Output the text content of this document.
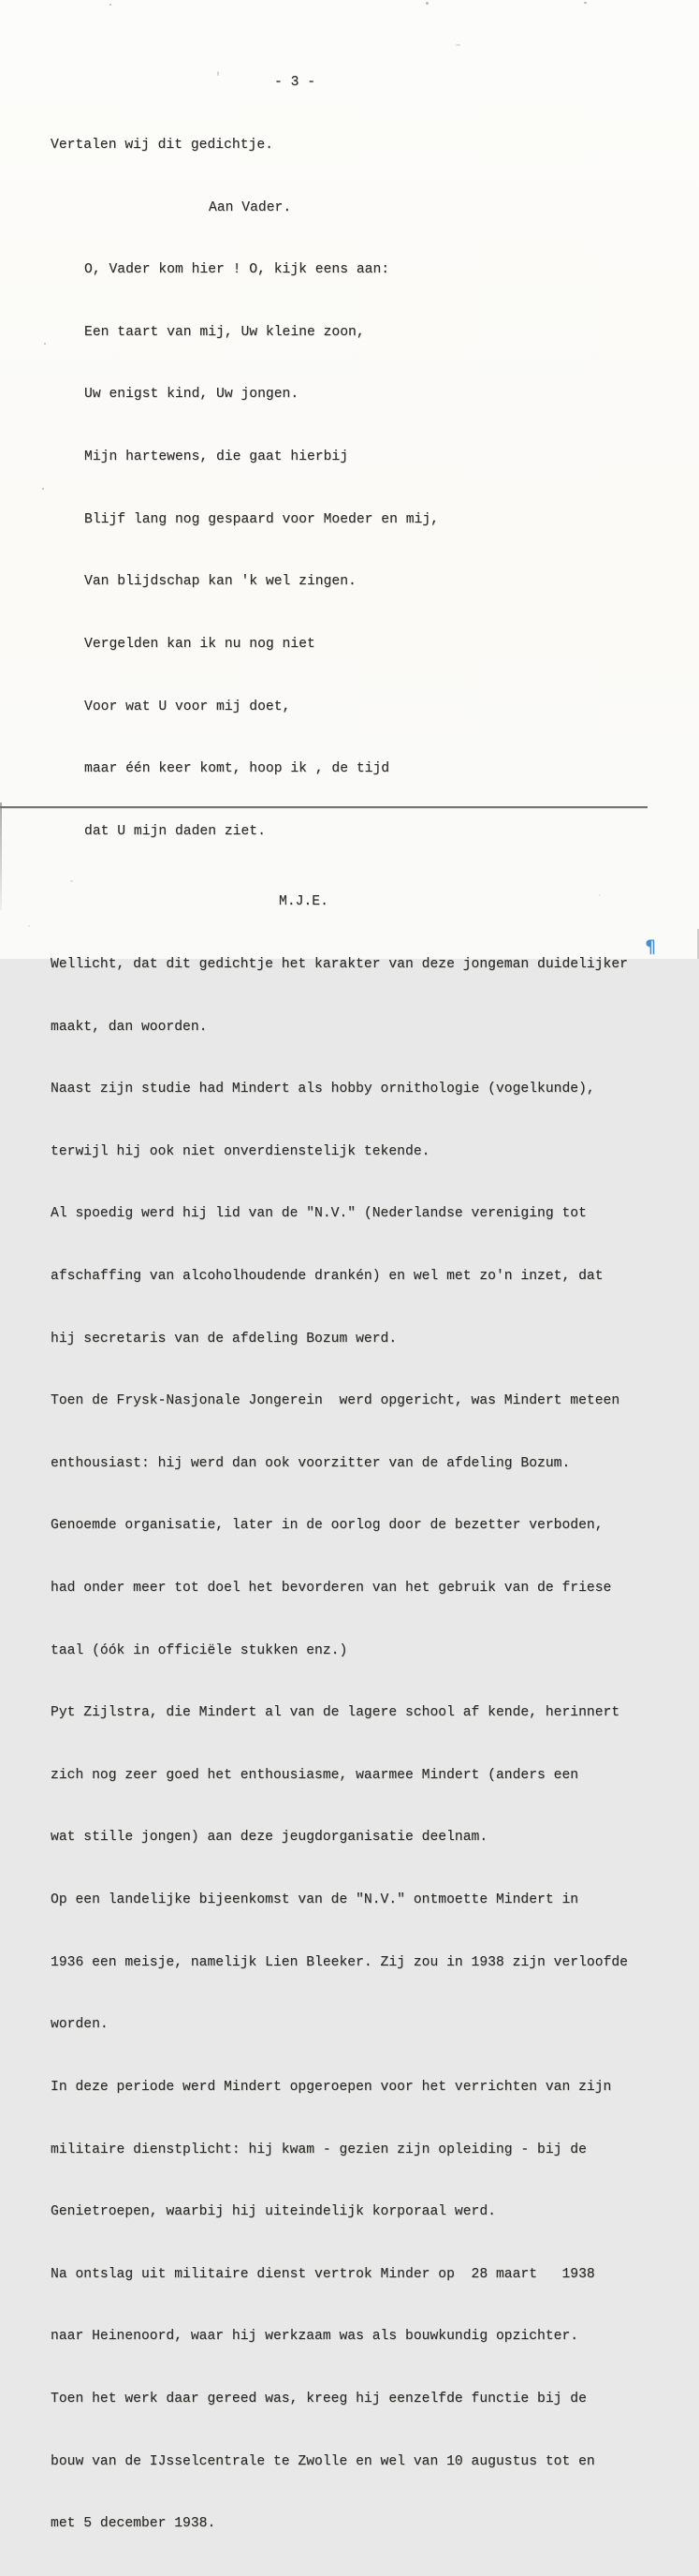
- 3 -

Vertalen wij dit gedichtje.

Aan Vader.

O, Vader kom hier ! O, kijk eens aan:

Een taart van mij, Uw kleine zoon,

Uw enigst kind, Uw jongen.

Mijn hartewens, die gaat hierbij

Blijf lang nog gespaard voor Moeder en mij,

Van blijdschap kan 'k wel zingen.

Vergelden kan ik nu nog niet

Voor wat U voor mij doet,

maar één keer komt, hoop ik , de tijd

dat U mijn daden ziet.

M.J.E.

Wellicht, dat dit gedichtje het karakter van deze jongeman duidelijker

maakt, dan woorden.

Naast zijn studie had Mindert als hobby ornithologie (vogelkunde),

terwijl hij ook niet onverdienstelijk tekende.

Al spoedig werd hij lid van de "N.V." (Nederlandse vereniging tot

afschaffing van alcoholhoudende drankén) en wel met zo'n inzet, dat

hij secretaris van de afdeling Bozum werd.

Toen de Frysk-Nasjonale Jongerein  werd opgericht, was Mindert meteen

enthousiast: hij werd dan ook voorzitter van de afdeling Bozum.

Genoemde organisatie, later in de oorlog door de bezetter verboden,

had onder meer tot doel het bevorderen van het gebruik van de friese

taal (óók in officiële stukken enz.)

Pyt Zijlstra, die Mindert al van de lagere school af kende, herinnert

zich nog zeer goed het enthousiasme, waarmee Mindert (anders een

wat stille jongen) aan deze jeugdorganisatie deelnam.

Op een landelijke bijeenkomst van de "N.V." ontmoette Mindert in

1936 een meisje, namelijk Lien Bleeker. Zij zou in 1938 zijn verloofde

worden.

In deze periode werd Mindert opgeroepen voor het verrichten van zijn

militaire dienstplicht: hij kwam - gezien zijn opleiding - bij de

Genietroepen, waarbij hij uiteindelijk korporaal werd.

Na ontslag uit militaire dienst vertrok Minder op  28 maart   1938

naar Heinenoord, waar hij werkzaam was als bouwkundig opzichter.

Toen het werk daar gereed was, kreeg hij eenzelfde functie bij de

bouw van de IJsselcentrale te Zwolle en wel van 10 augustus tot en

met 5 december 1938.

¶
